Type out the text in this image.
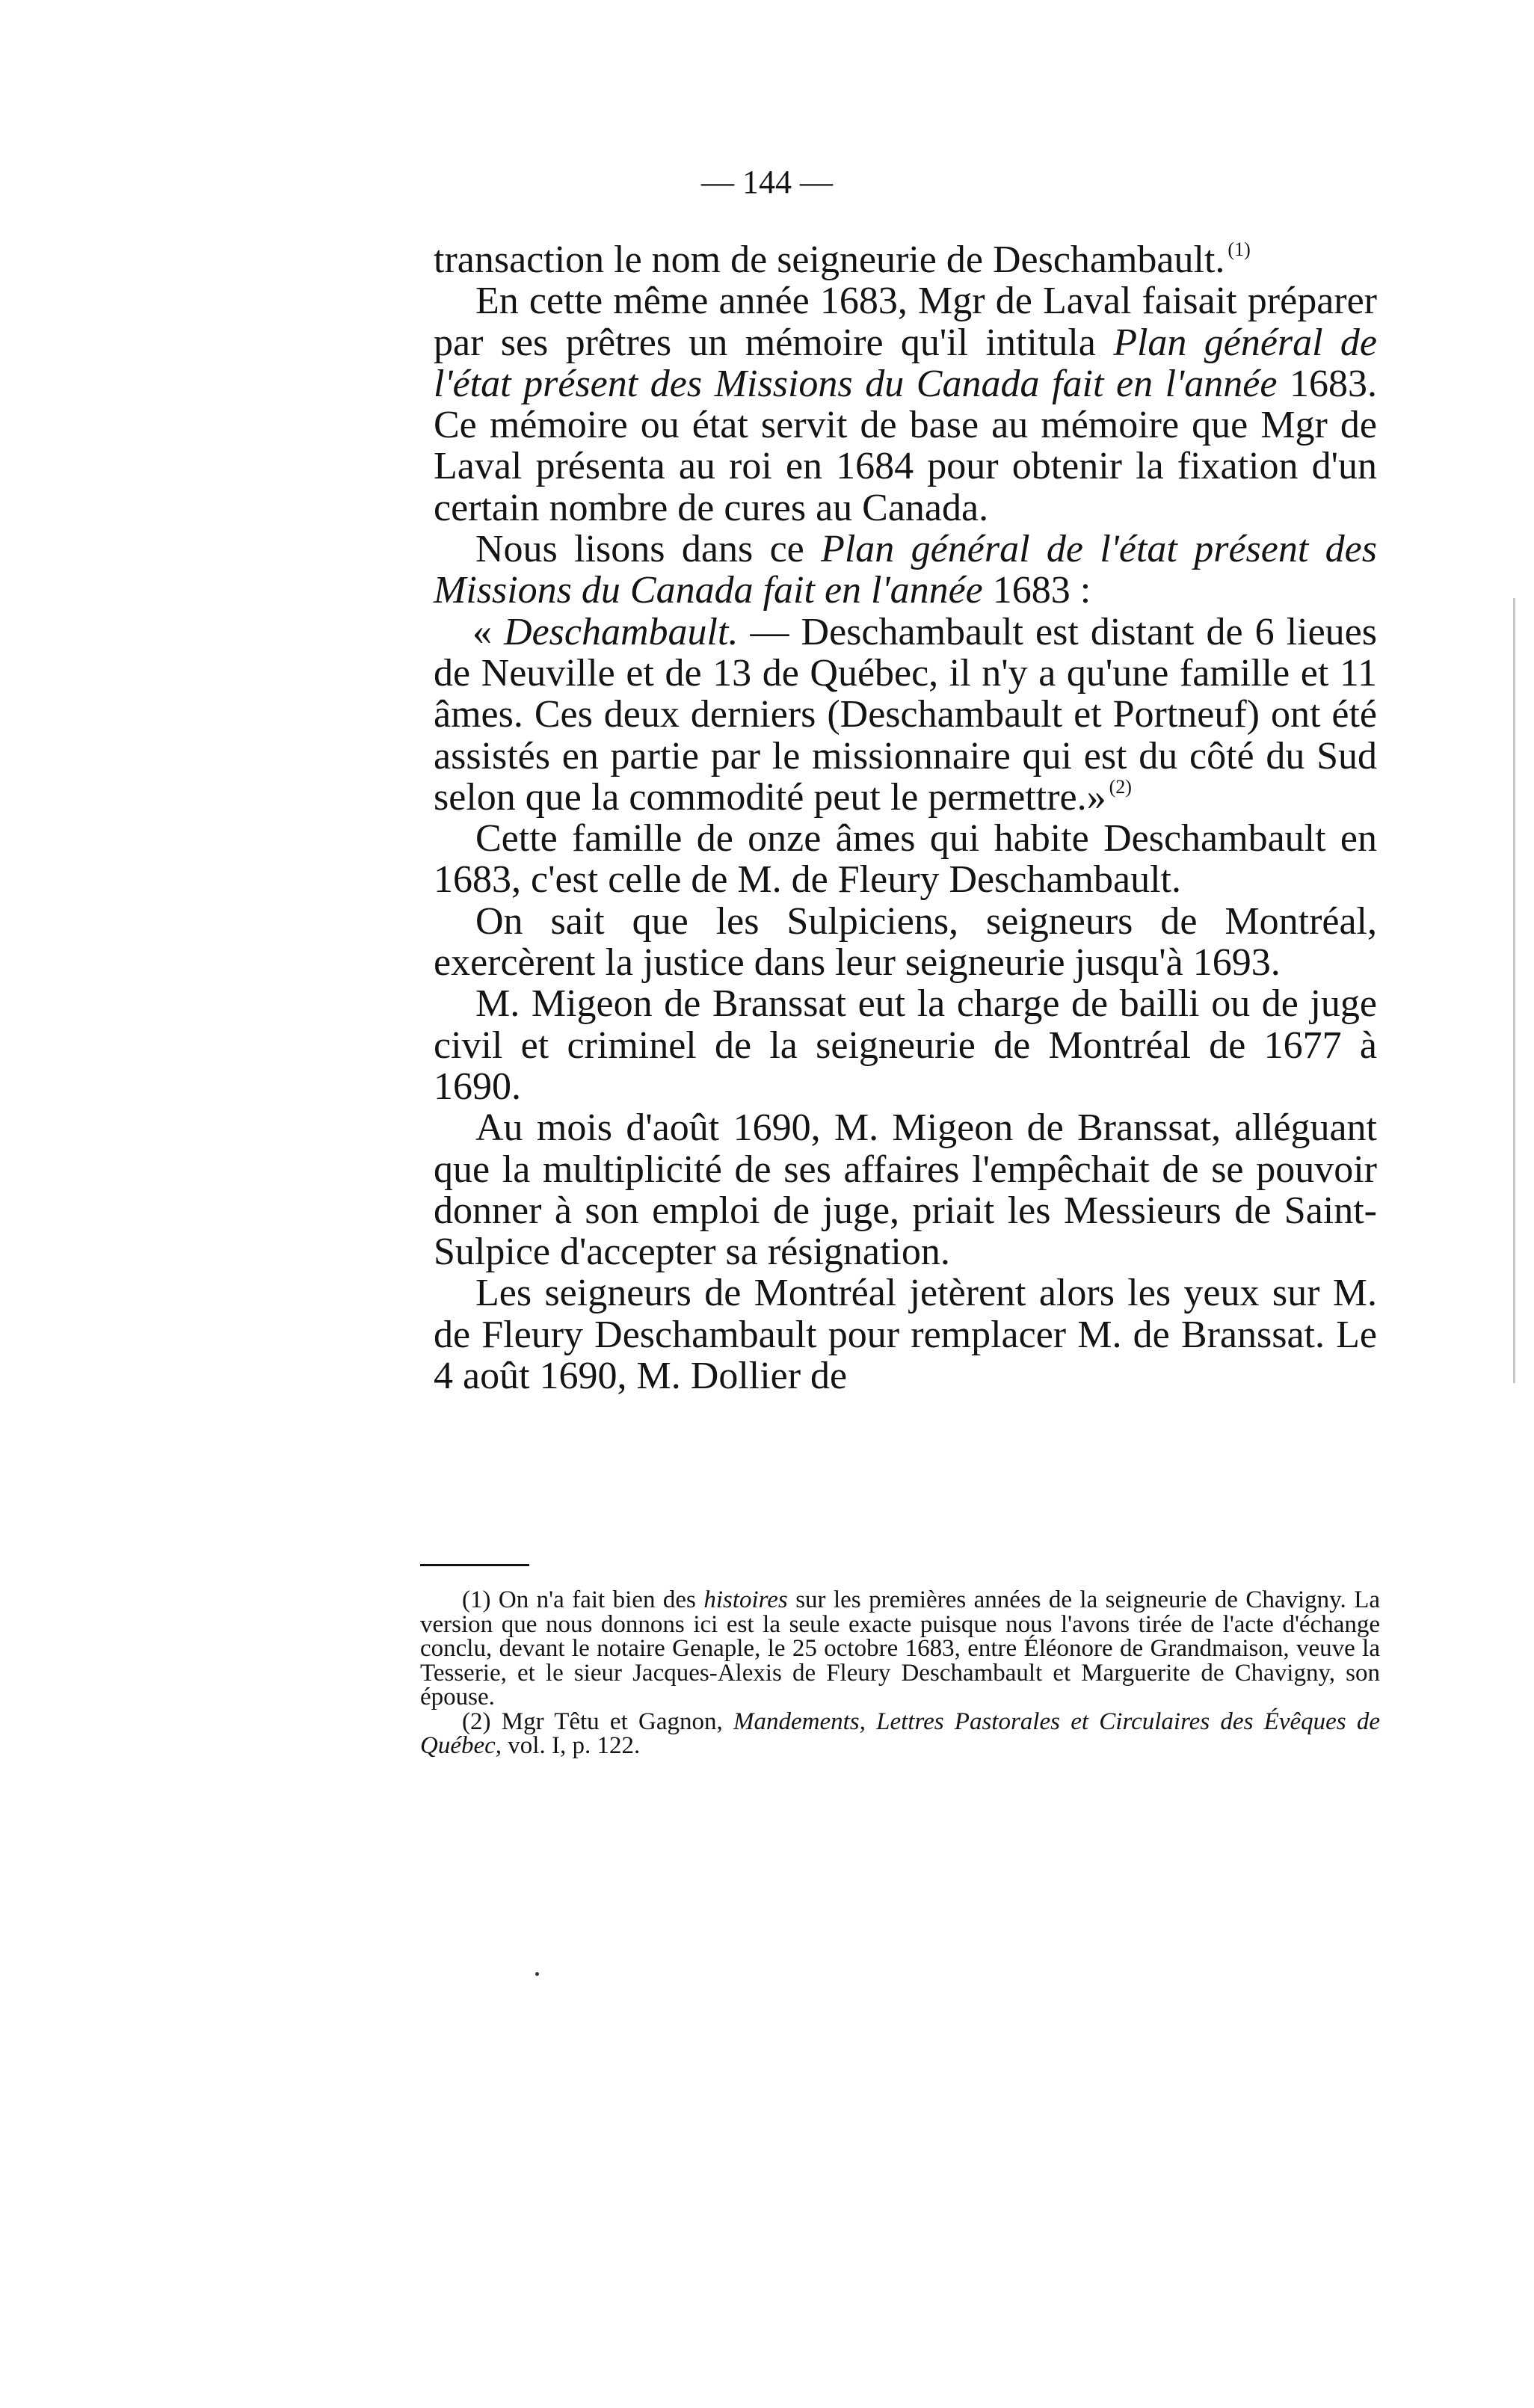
— 144 —

transaction le nom de seigneurie de Deschambault. $^{(1)}$

En cette même année 1683, Mgr de Laval faisait préparer par ses prêtres un mémoire qu'il intitula Plan général de l'état présent des Missions du Canada fait en l'année 1683. Ce mémoire ou état servit de base au mémoire que Mgr de Laval présenta au roi en 1684 pour obtenir la fixation d'un certain nombre de cures au Canada.

Nous lisons dans ce Plan général de l'état présent des Missions du Canada fait en l'année 1683 :

« Deschambault. — Deschambault est distant de 6 lieues de Neuville et de 13 de Québec, il n'y a qu'une famille et 11 âmes. Ces deux derniers (Deschambault et Portneuf) ont été assistés en partie par le missionnaire qui est du côté du Sud selon que la commodité peut le permettre.» $^{(2)}$

Cette famille de onze âmes qui habite Deschambault en 1683, c'est celle de M. de Fleury Deschambault.

On sait que les Sulpiciens, seigneurs de Montréal, exercèrent la justice dans leur seigneurie jusqu'à 1693.

M. Migeon de Branssat eut la charge de bailli ou de juge civil et criminel de la seigneurie de Montréal de 1677 à 1690.

Au mois d'août 1690, M. Migeon de Branssat, alléguant que la multiplicité de ses affaires l'empêchait de se pouvoir donner à son emploi de juge, priait les Messieurs de Saint-Sulpice d'accepter sa résignation.

Les seigneurs de Montréal jetèrent alors les yeux sur M. de Fleury Deschambault pour remplacer M. de Branssat. Le 4 août 1690, M. Dollier de

(1) On n'a fait bien des histoires sur les premières années de la seigneurie de Chavigny. La version que nous donnons ici est la seule exacte puisque nous l'avons tirée de l'acte d'échange conclu, devant le notaire Genaple, le 25 octobre 1683, entre Éléonore de Grandmaison, veuve la Tesserie, et le sieur Jacques-Alexis de Fleury Deschambault et Marguerite de Chavigny, son épouse.

(2) Mgr Têtu et Gagnon, Mandements, Lettres Pastorales et Circulaires des Évêques de Québec, vol. I, p. 122.
